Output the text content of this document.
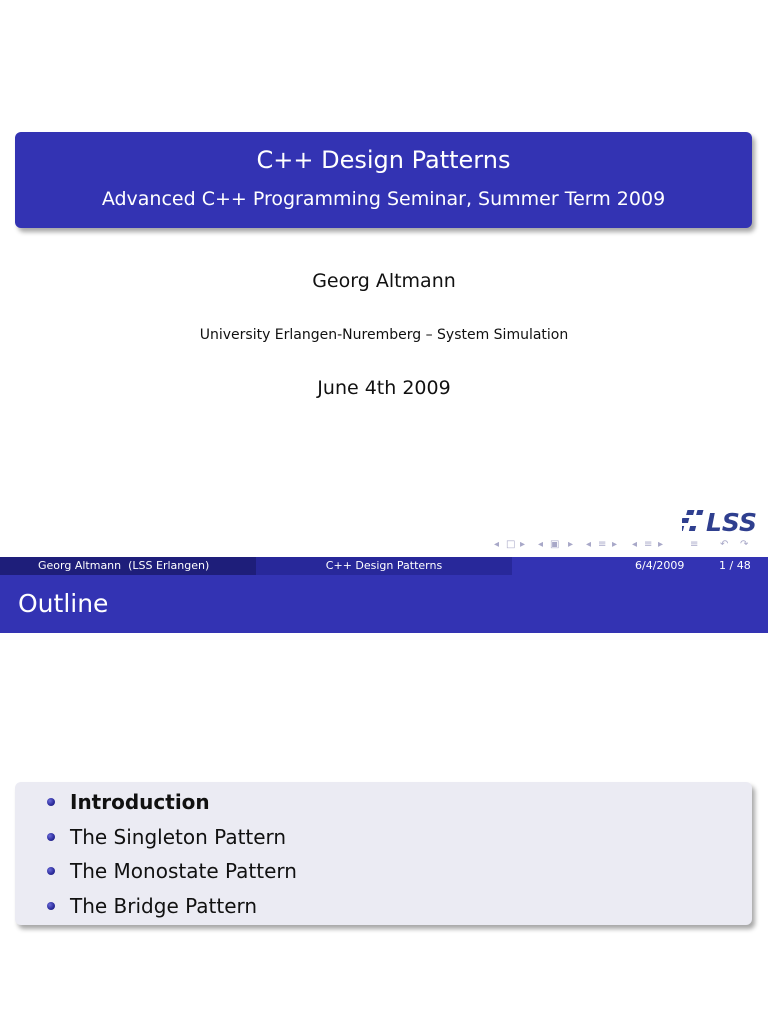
C++ Design Patterns
Advanced C++ Programming Seminar, Summer Term 2009
Georg Altmann
University Erlangen-Nuremberg – System Simulation
June 4th 2009
LSS
◂ □ ▸ ◂ ▣ ▸ ◂ ≡ ▸ ◂ ≡ ▸	≡ ↶ ↷
Georg Altmann  (LSS Erlangen)	C++ Design Patterns	6/4/2009	1 / 48
Outline
Introduction
The Singleton Pattern
The Monostate Pattern
The Bridge Pattern
